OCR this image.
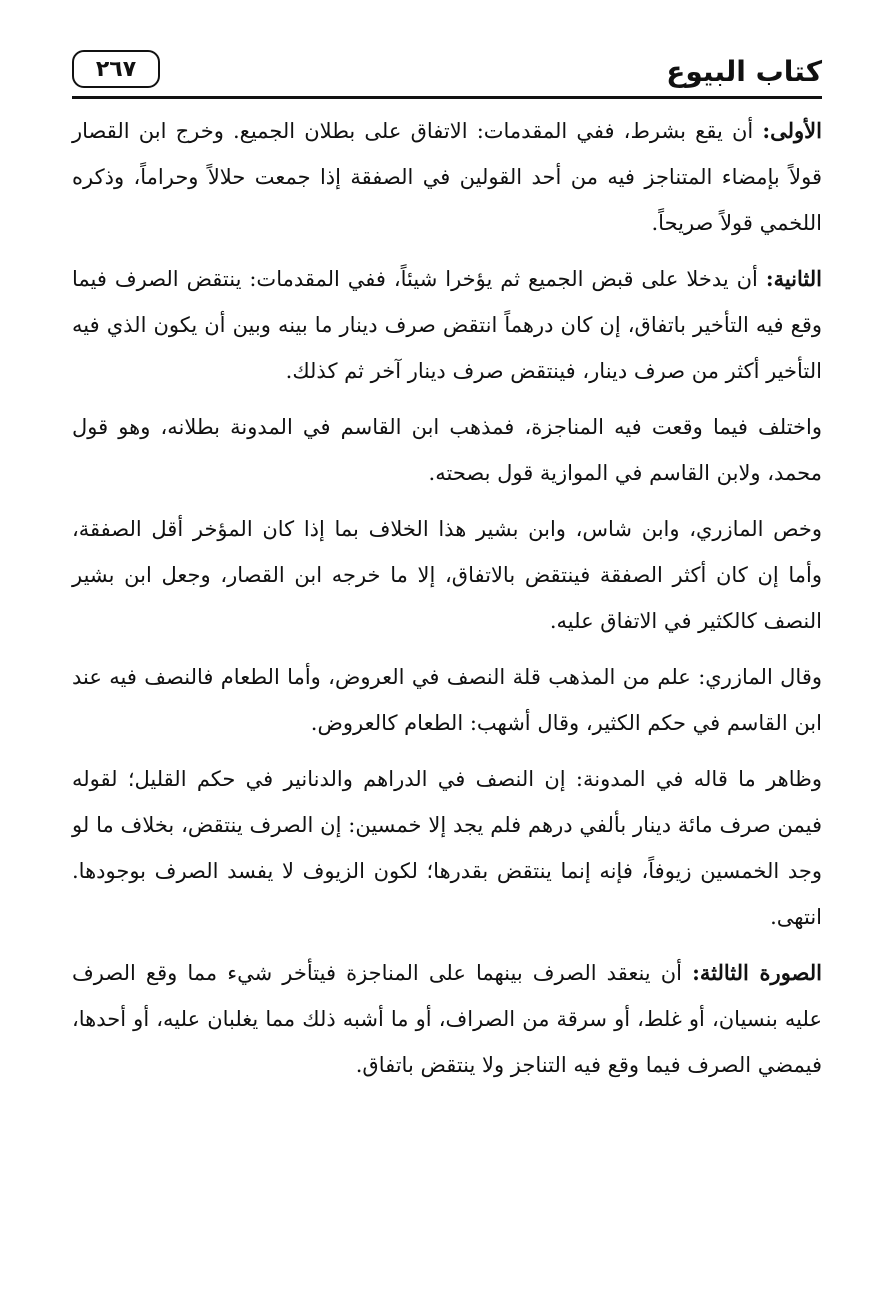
٢٦٧	كتاب البيوع

الأولى: أن يقع بشرط، ففي المقدمات: الاتفاق على بطلان الجميع. وخرج ابن القصار قولاً بإمضاء المتناجز فيه من أحد القولين في الصفقة إذا جمعت حلالاً وحراماً، وذكره اللخمي قولاً صريحاً.

الثانية: أن يدخلا على قبض الجميع ثم يؤخرا شيئاً، ففي المقدمات: ينتقض الصرف فيما وقع فيه التأخير باتفاق، إن كان درهماً انتقض صرف دينار ما بينه وبين أن يكون الذي فيه التأخير أكثر من صرف دينار، فينتقض صرف دينار آخر ثم كذلك.

واختلف فيما وقعت فيه المناجزة، فمذهب ابن القاسم في المدونة بطلانه، وهو قول محمد، ولابن القاسم في الموازية قول بصحته.

وخص المازري، وابن شاس، وابن بشير هذا الخلاف بما إذا كان المؤخر أقل الصفقة، وأما إن كان أكثر الصفقة فينتقض بالاتفاق، إلا ما خرجه ابن القصار، وجعل ابن بشير النصف كالكثير في الاتفاق عليه.

وقال المازري: علم من المذهب قلة النصف في العروض، وأما الطعام فالنصف فيه عند ابن القاسم في حكم الكثير، وقال أشهب: الطعام كالعروض.

وظاهر ما قاله في المدونة: إن النصف في الدراهم والدنانير في حكم القليل؛ لقوله فيمن صرف مائة دينار بألفي درهم فلم يجد إلا خمسين: إن الصرف ينتقض، بخلاف ما لو وجد الخمسين زيوفاً، فإنه إنما ينتقض بقدرها؛ لكون الزيوف لا يفسد الصرف بوجودها. انتهى.

الصورة الثالثة: أن ينعقد الصرف بينهما على المناجزة فيتأخر شيء مما وقع الصرف عليه بنسيان، أو غلط، أو سرقة من الصراف، أو ما أشبه ذلك مما يغلبان عليه، أو أحدها، فيمضي الصرف فيما وقع فيه التناجز ولا ينتقض باتفاق.
